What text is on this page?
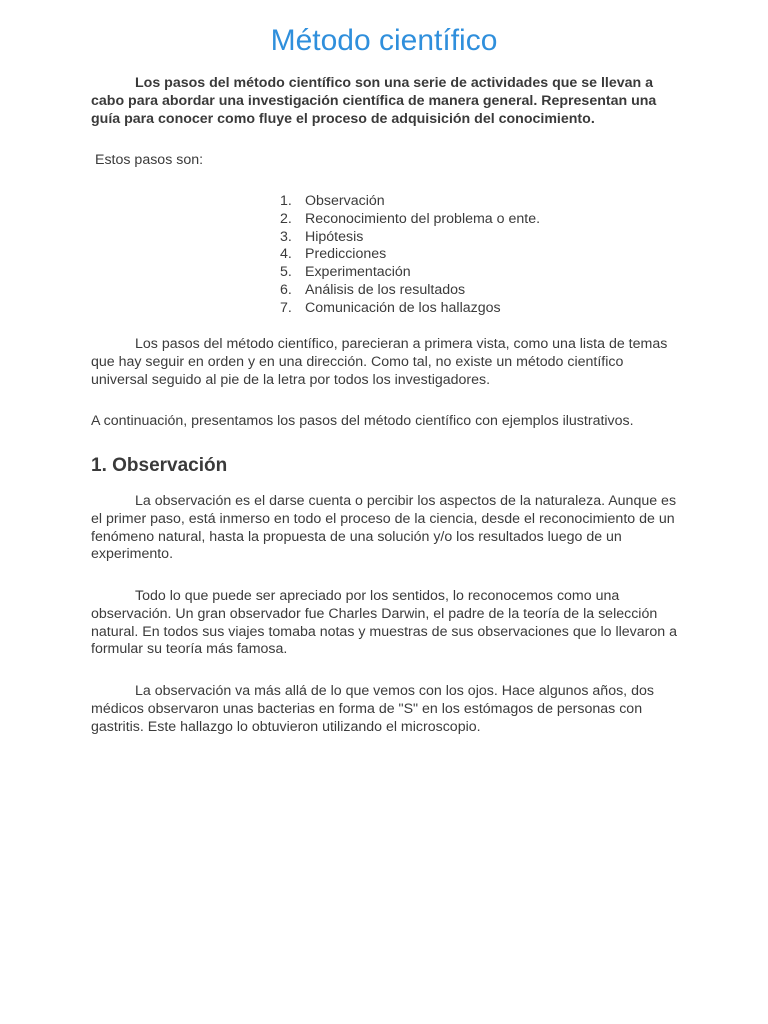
Método científico

Los pasos del método científico son una serie de actividades que se llevan a cabo para abordar una investigación científica de manera general. Representan una guía para conocer como fluye el proceso de adquisición del conocimiento.

Estos pasos son:

1. Observación
2. Reconocimiento del problema o ente.
3. Hipótesis
4. Predicciones
5. Experimentación
6. Análisis de los resultados
7. Comunicación de los hallazgos

Los pasos del método científico, parecieran a primera vista, como una lista de temas que hay seguir en orden y en una dirección. Como tal, no existe un método científico universal seguido al pie de la letra por todos los investigadores.

A continuación, presentamos los pasos del método científico con ejemplos ilustrativos.

1. Observación

La observación es el darse cuenta o percibir los aspectos de la naturaleza. Aunque es el primer paso, está inmerso en todo el proceso de la ciencia, desde el reconocimiento de un fenómeno natural, hasta la propuesta de una solución y/o los resultados luego de un experimento.

Todo lo que puede ser apreciado por los sentidos, lo reconocemos como una observación. Un gran observador fue Charles Darwin, el padre de la teoría de la selección natural. En todos sus viajes tomaba notas y muestras de sus observaciones que lo llevaron a formular su teoría más famosa.

La observación va más allá de lo que vemos con los ojos. Hace algunos años, dos médicos observaron unas bacterias en forma de "S" en los estómagos de personas con gastritis. Este hallazgo lo obtuvieron utilizando el microscopio.
